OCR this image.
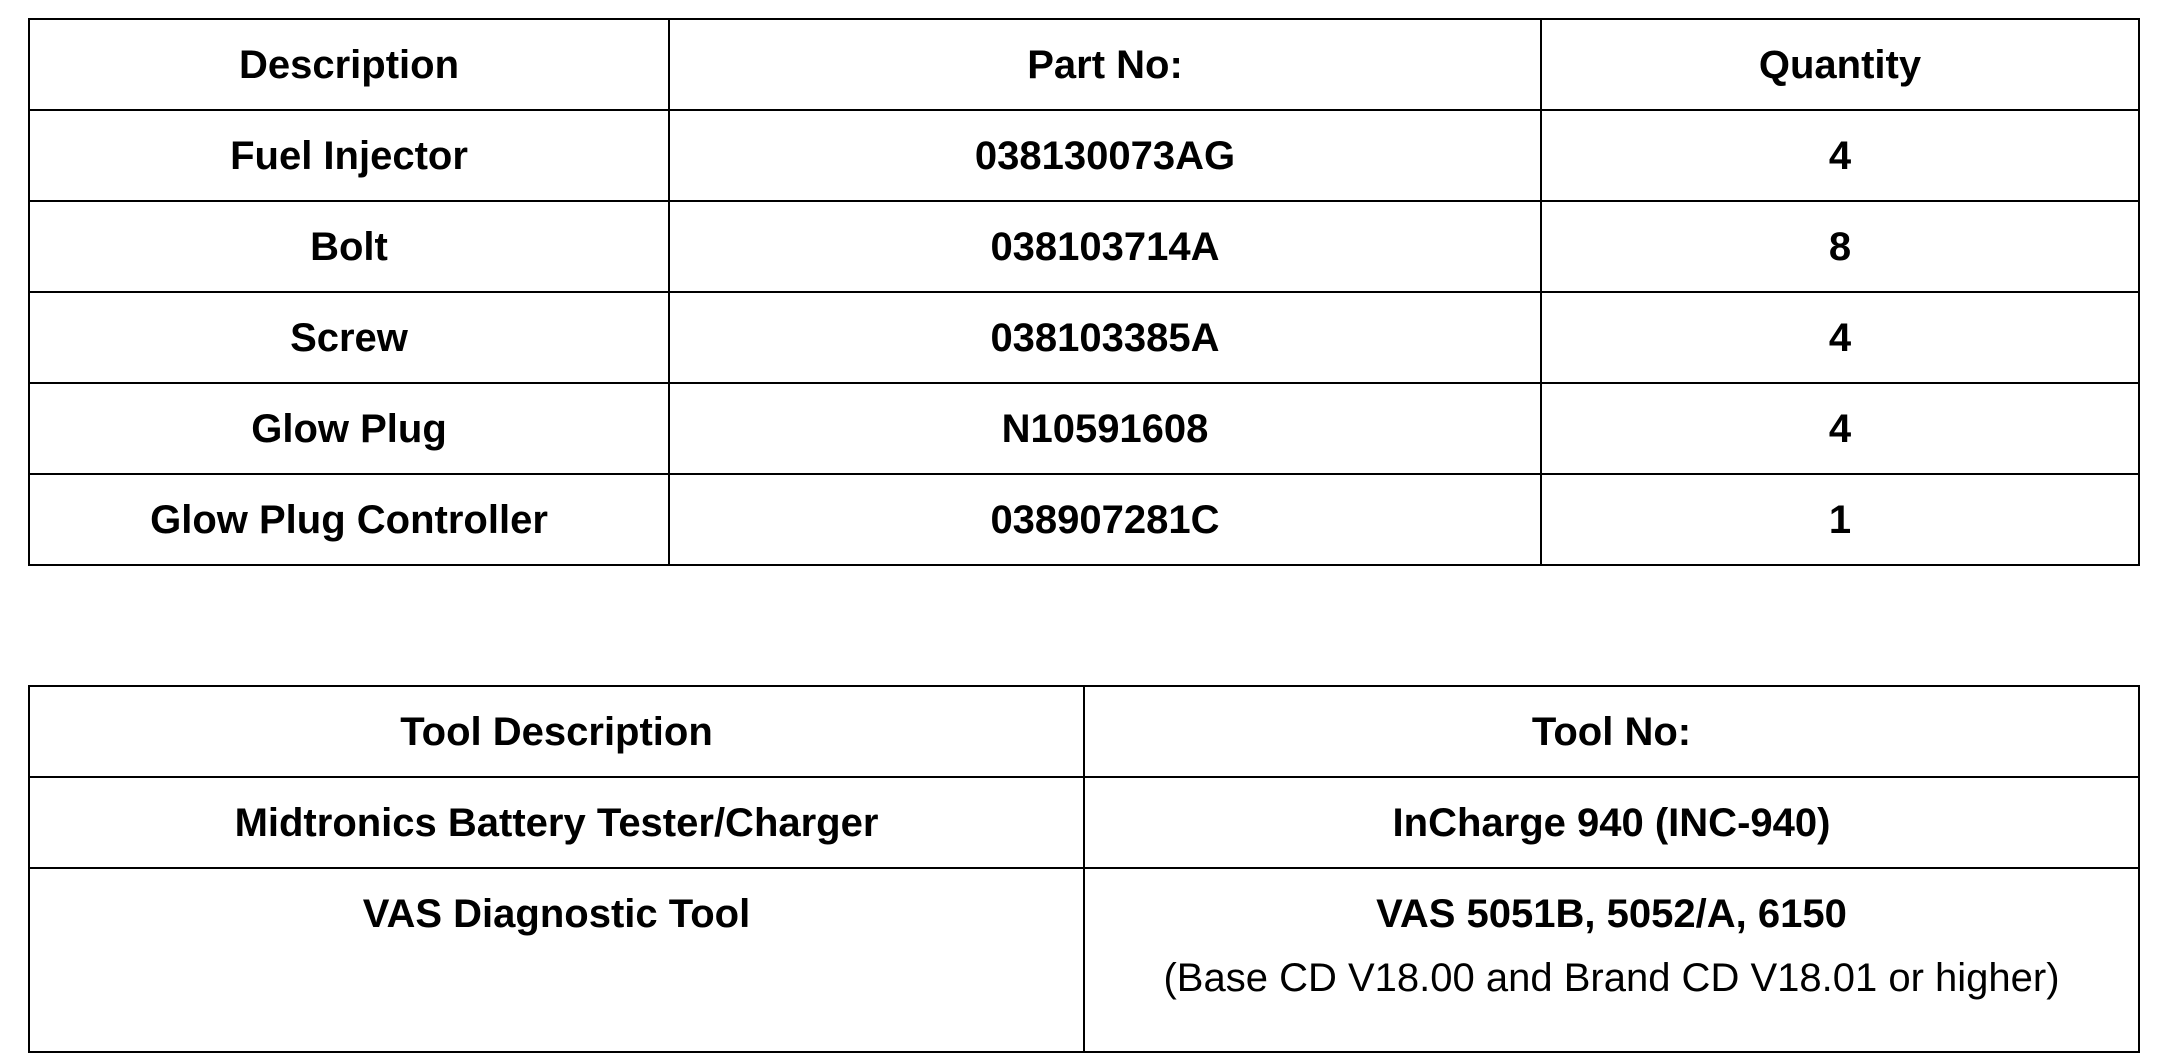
Description	Part No:	Quantity
Fuel Injector	038130073AG	4
Bolt	038103714A	8
Screw	038103385A	4
Glow Plug	N10591608	4
Glow Plug Controller	038907281C	1
Tool Description	Tool No:
Midtronics Battery Tester/Charger	InCharge 940 (INC-940)
VAS Diagnostic Tool	VAS 5051B, 5052/A, 6150
(Base CD V18.00 and Brand CD V18.01 or higher)
